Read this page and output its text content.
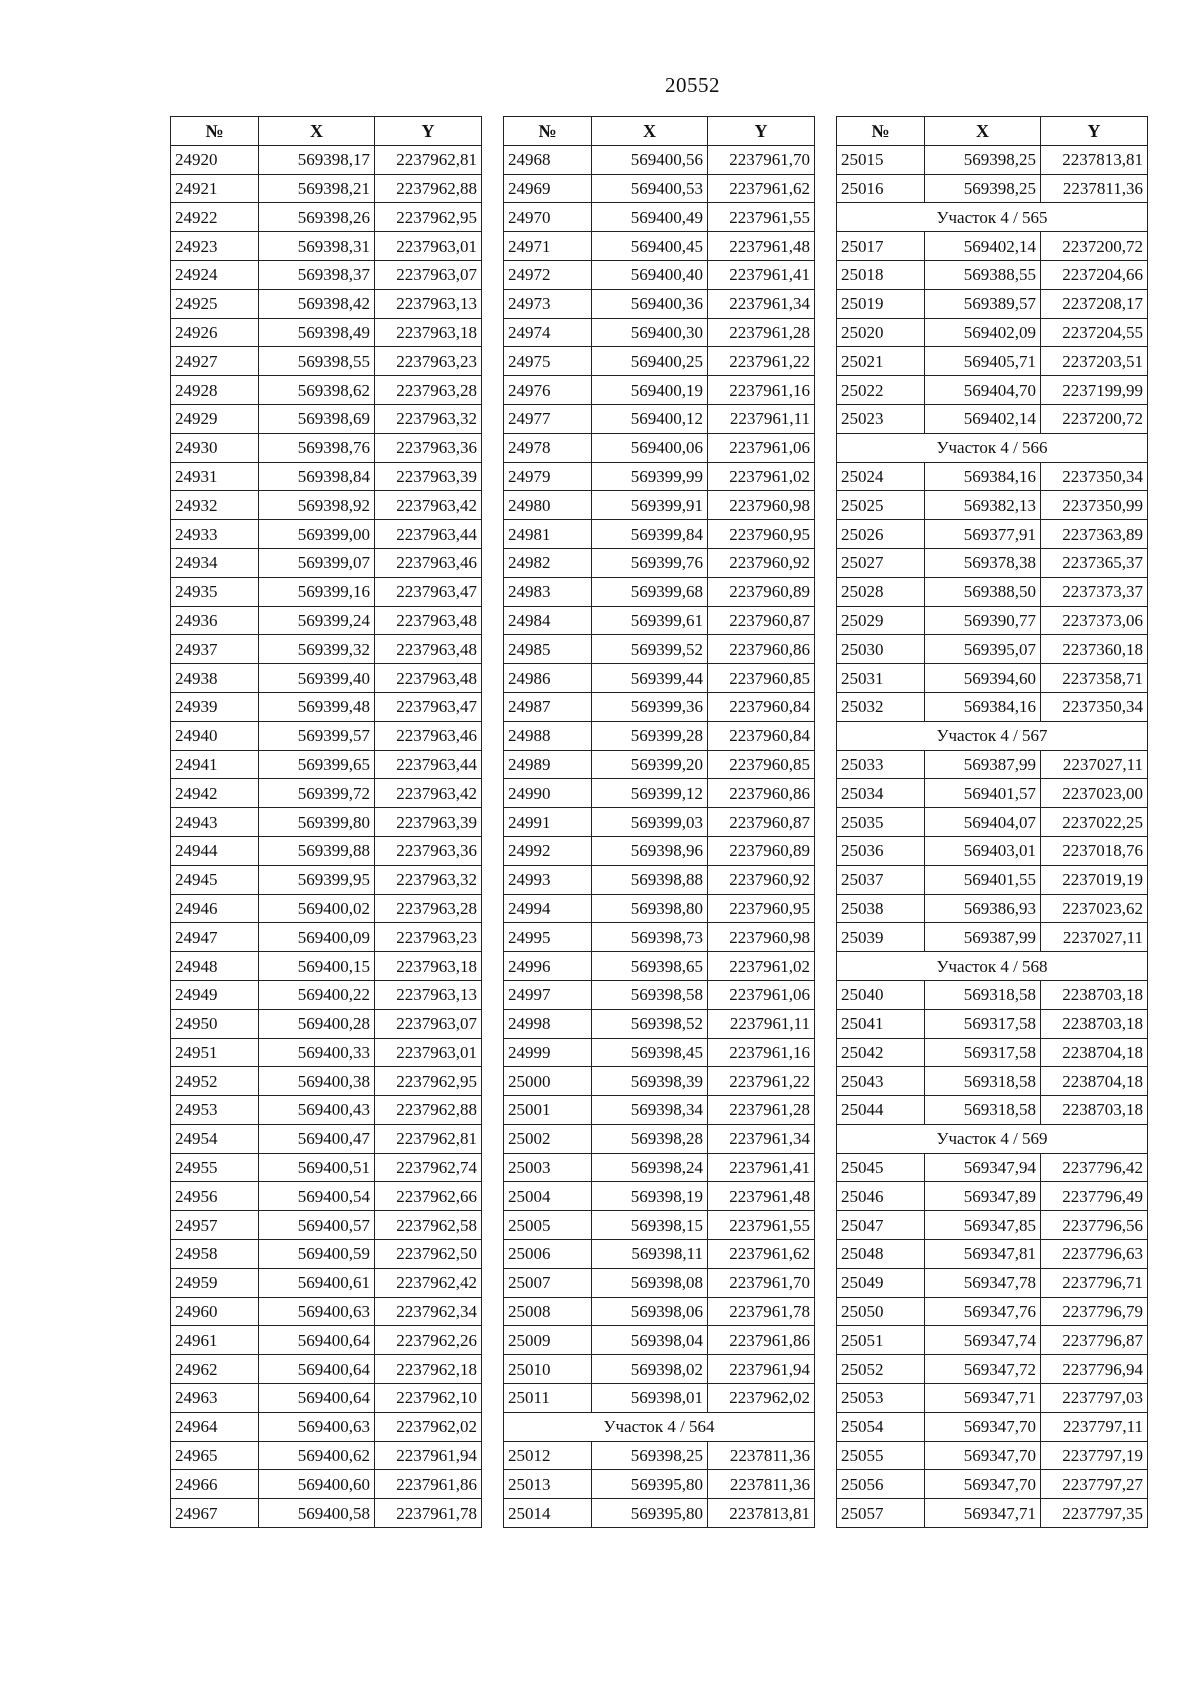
20552
№	X	Y
24920	569398,17	2237962,81
24921	569398,21	2237962,88
24922	569398,26	2237962,95
24923	569398,31	2237963,01
24924	569398,37	2237963,07
24925	569398,42	2237963,13
24926	569398,49	2237963,18
24927	569398,55	2237963,23
24928	569398,62	2237963,28
24929	569398,69	2237963,32
24930	569398,76	2237963,36
24931	569398,84	2237963,39
24932	569398,92	2237963,42
24933	569399,00	2237963,44
24934	569399,07	2237963,46
24935	569399,16	2237963,47
24936	569399,24	2237963,48
24937	569399,32	2237963,48
24938	569399,40	2237963,48
24939	569399,48	2237963,47
24940	569399,57	2237963,46
24941	569399,65	2237963,44
24942	569399,72	2237963,42
24943	569399,80	2237963,39
24944	569399,88	2237963,36
24945	569399,95	2237963,32
24946	569400,02	2237963,28
24947	569400,09	2237963,23
24948	569400,15	2237963,18
24949	569400,22	2237963,13
24950	569400,28	2237963,07
24951	569400,33	2237963,01
24952	569400,38	2237962,95
24953	569400,43	2237962,88
24954	569400,47	2237962,81
24955	569400,51	2237962,74
24956	569400,54	2237962,66
24957	569400,57	2237962,58
24958	569400,59	2237962,50
24959	569400,61	2237962,42
24960	569400,63	2237962,34
24961	569400,64	2237962,26
24962	569400,64	2237962,18
24963	569400,64	2237962,10
24964	569400,63	2237962,02
24965	569400,62	2237961,94
24966	569400,60	2237961,86
24967	569400,58	2237961,78
№	X	Y
24968	569400,56	2237961,70
24969	569400,53	2237961,62
24970	569400,49	2237961,55
24971	569400,45	2237961,48
24972	569400,40	2237961,41
24973	569400,36	2237961,34
24974	569400,30	2237961,28
24975	569400,25	2237961,22
24976	569400,19	2237961,16
24977	569400,12	2237961,11
24978	569400,06	2237961,06
24979	569399,99	2237961,02
24980	569399,91	2237960,98
24981	569399,84	2237960,95
24982	569399,76	2237960,92
24983	569399,68	2237960,89
24984	569399,61	2237960,87
24985	569399,52	2237960,86
24986	569399,44	2237960,85
24987	569399,36	2237960,84
24988	569399,28	2237960,84
24989	569399,20	2237960,85
24990	569399,12	2237960,86
24991	569399,03	2237960,87
24992	569398,96	2237960,89
24993	569398,88	2237960,92
24994	569398,80	2237960,95
24995	569398,73	2237960,98
24996	569398,65	2237961,02
24997	569398,58	2237961,06
24998	569398,52	2237961,11
24999	569398,45	2237961,16
25000	569398,39	2237961,22
25001	569398,34	2237961,28
25002	569398,28	2237961,34
25003	569398,24	2237961,41
25004	569398,19	2237961,48
25005	569398,15	2237961,55
25006	569398,11	2237961,62
25007	569398,08	2237961,70
25008	569398,06	2237961,78
25009	569398,04	2237961,86
25010	569398,02	2237961,94
25011	569398,01	2237962,02
Участок 4 / 564		
25012	569398,25	2237811,36
25013	569395,80	2237811,36
25014	569395,80	2237813,81
№	X	Y
25015	569398,25	2237813,81
25016	569398,25	2237811,36
Участок 4 / 565		
25017	569402,14	2237200,72
25018	569388,55	2237204,66
25019	569389,57	2237208,17
25020	569402,09	2237204,55
25021	569405,71	2237203,51
25022	569404,70	2237199,99
25023	569402,14	2237200,72
Участок 4 / 566		
25024	569384,16	2237350,34
25025	569382,13	2237350,99
25026	569377,91	2237363,89
25027	569378,38	2237365,37
25028	569388,50	2237373,37
25029	569390,77	2237373,06
25030	569395,07	2237360,18
25031	569394,60	2237358,71
25032	569384,16	2237350,34
Участок 4 / 567		
25033	569387,99	2237027,11
25034	569401,57	2237023,00
25035	569404,07	2237022,25
25036	569403,01	2237018,76
25037	569401,55	2237019,19
25038	569386,93	2237023,62
25039	569387,99	2237027,11
Участок 4 / 568		
25040	569318,58	2238703,18
25041	569317,58	2238703,18
25042	569317,58	2238704,18
25043	569318,58	2238704,18
25044	569318,58	2238703,18
Участок 4 / 569		
25045	569347,94	2237796,42
25046	569347,89	2237796,49
25047	569347,85	2237796,56
25048	569347,81	2237796,63
25049	569347,78	2237796,71
25050	569347,76	2237796,79
25051	569347,74	2237796,87
25052	569347,72	2237796,94
25053	569347,71	2237797,03
25054	569347,70	2237797,11
25055	569347,70	2237797,19
25056	569347,70	2237797,27
25057	569347,71	2237797,35
